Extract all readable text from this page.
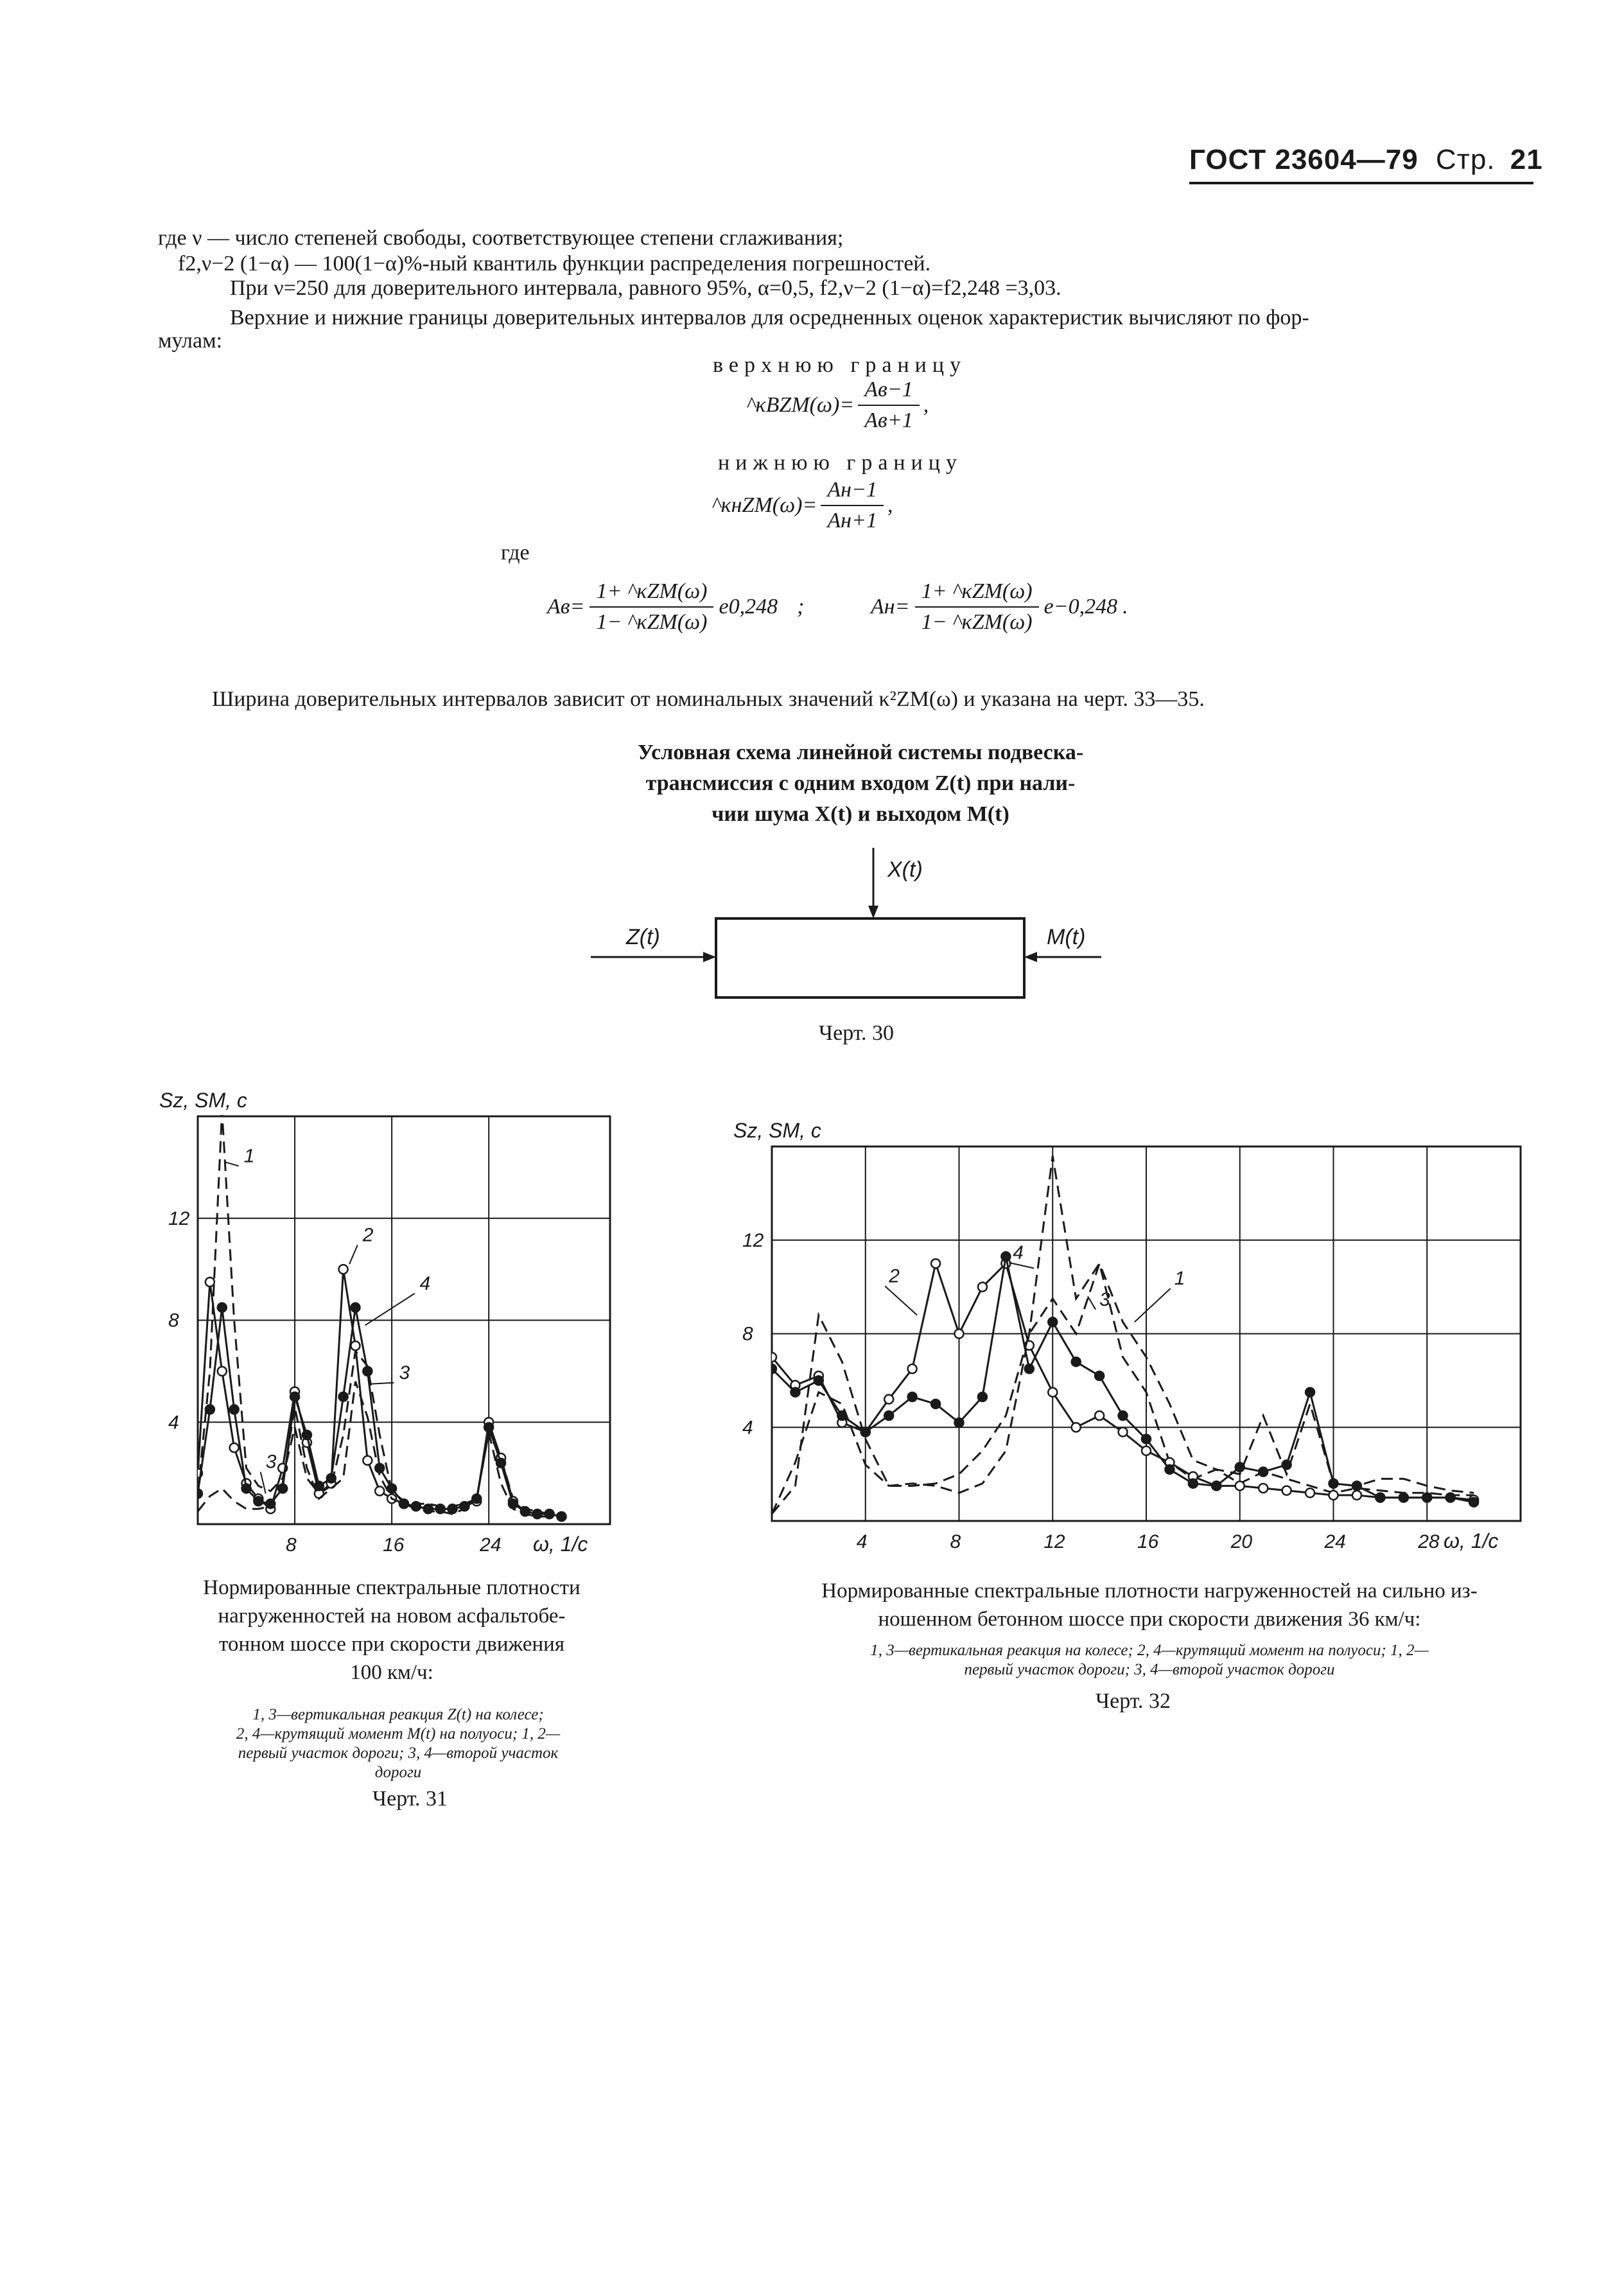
ГОСТ 23604—79 Стр. 21
где ν — число степеней свободы, соответствующее степени сглаживания;
f2,ν−2 (1−α) — 100(1−α)%-ный квантиль функции распределения погрешностей.
При ν=250 для доверительного интервала, равного 95%, α=0,5, f2,ν−2 (1−α)=f2,248 =3,03.
Верхние и нижние границы доверительных интервалов для осредненных оценок характеристик вычисляют по фор-
мулам:
верхнюю границу
^κBZM(ω)= $\frac{Aв-1}{Aв+1}$ ,
нижнюю границу
^κнZM(ω)= $\frac{Aн-1}{Aн+1}$ ,
где
$Aв= \frac{\text{1+ \textasciicircum{}κZM(ω)}}{\text{1− \textasciicircum{}κZM(ω)}} e0,248$ ;	$Aн= \frac{\text{1+ \textasciicircum{}κZM(ω)}}{\text{1− \textasciicircum{}κZM(ω)}} e-0,248$ .
Ширина доверительных интервалов зависит от номинальных значений κ²ZM(ω) и указана на черт. 33—35.
Условная схема линейной системы подвеска-
трансмиссия с одним входом Z(t) при нали-
чии шума X(t) и выходом M(t)
Z(t)
X(t)
M(t)
Черт. 30
8	16	24
4
8
12
ω, 1/c
Sz, SM, c
1
2
4
3
3
Нормированные спектральные плотности
нагруженностей на новом асфальтобе-
тонном шоссе при скорости движения
100 км/ч:
1, 3—вертикальная реакция Z(t) на колесе;
2, 4—крутящий момент M(t) на полуоси; 1, 2—
первый участок дороги; 3, 4—второй участок
дороги
Черт. 31
4	8	12	16	20	24	28
4
8
12
ω, 1/c
Sz, SM, c
2
4
3
1
Нормированные спектральные плотности нагруженностей на сильно из-
ношенном бетонном шоссе при скорости движения 36 км/ч:
1, 3—вертикальная реакция на колесе; 2, 4—крутящий момент на полуоси; 1, 2—
первый участок дороги; 3, 4—второй участок дороги
Черт. 32
